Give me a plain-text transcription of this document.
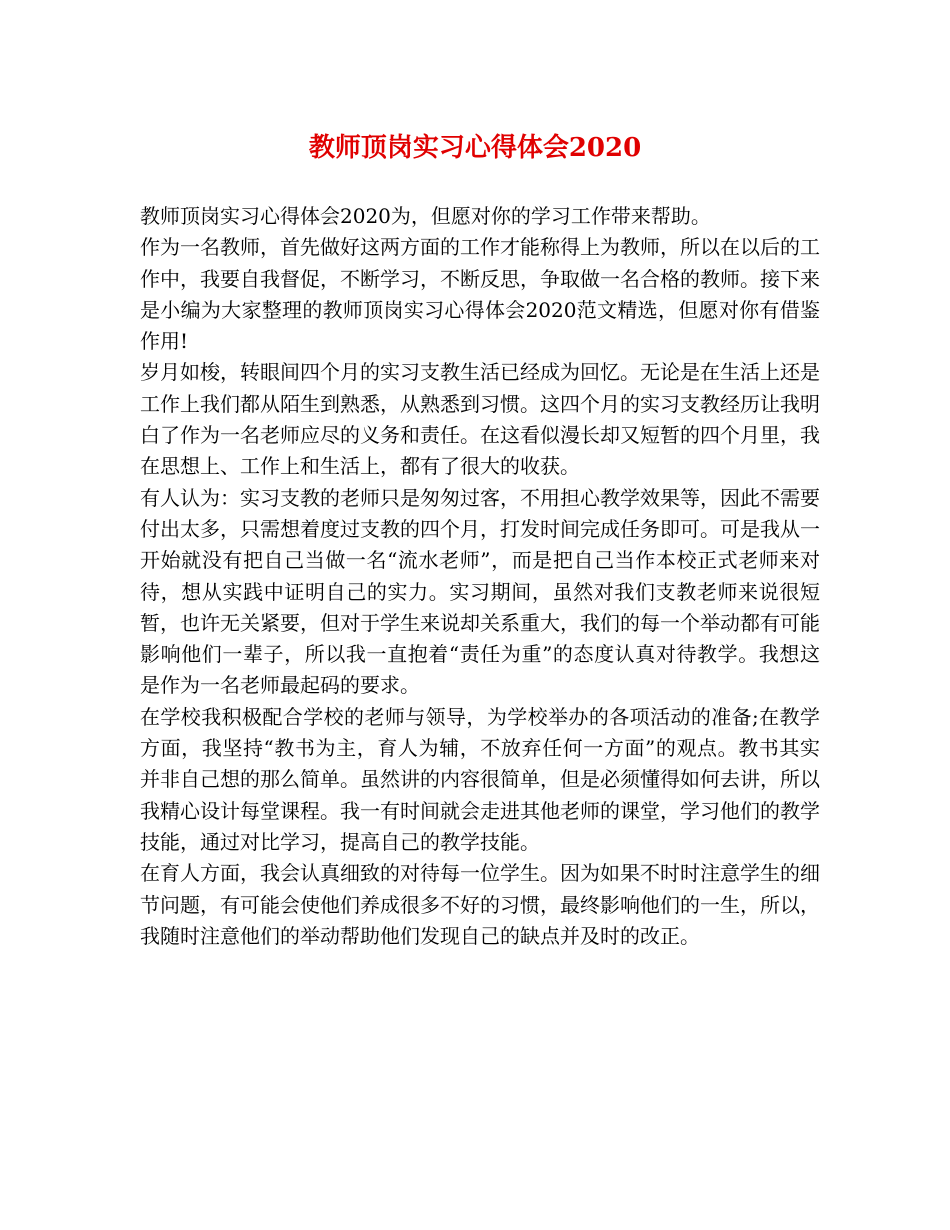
教师顶岗实习心得体会2020

教师顶岗实习心得体会2020为，但愿对你的学习工作带来帮助。

作为一名教师，首先做好这两方面的工作才能称得上为教师，所以在以后的工作中，我要自我督促，不断学习，不断反思，争取做一名合格的教师。接下来是小编为大家整理的教师顶岗实习心得体会2020范文精选，但愿对你有借鉴作用!

岁月如梭，转眼间四个月的实习支教生活已经成为回忆。无论是在生活上还是工作上我们都从陌生到熟悉，从熟悉到习惯。这四个月的实习支教经历让我明白了作为一名老师应尽的义务和责任。在这看似漫长却又短暂的四个月里，我在思想上、工作上和生活上，都有了很大的收获。

有人认为：实习支教的老师只是匆匆过客，不用担心教学效果等，因此不需要付出太多，只需想着度过支教的四个月，打发时间完成任务即可。可是我从一开始就没有把自己当做一名“流水老师”，而是把自己当作本校正式老师来对待，想从实践中证明自己的实力。实习期间，虽然对我们支教老师来说很短暂，也许无关紧要，但对于学生来说却关系重大，我们的每一个举动都有可能影响他们一辈子，所以我一直抱着“责任为重”的态度认真对待教学。我想这是作为一名老师最起码的要求。

在学校我积极配合学校的老师与领导，为学校举办的各项活动的准备;在教学方面，我坚持“教书为主，育人为辅，不放弃任何一方面”的观点。教书其实并非自己想的那么简单。虽然讲的内容很简单，但是必须懂得如何去讲，所以我精心设计每堂课程。我一有时间就会走进其他老师的课堂，学习他们的教学技能，通过对比学习，提高自己的教学技能。

在育人方面，我会认真细致的对待每一位学生。因为如果不时时注意学生的细节问题，有可能会使他们养成很多不好的习惯，最终影响他们的一生，所以，我随时注意他们的举动帮助他们发现自己的缺点并及时的改正。
